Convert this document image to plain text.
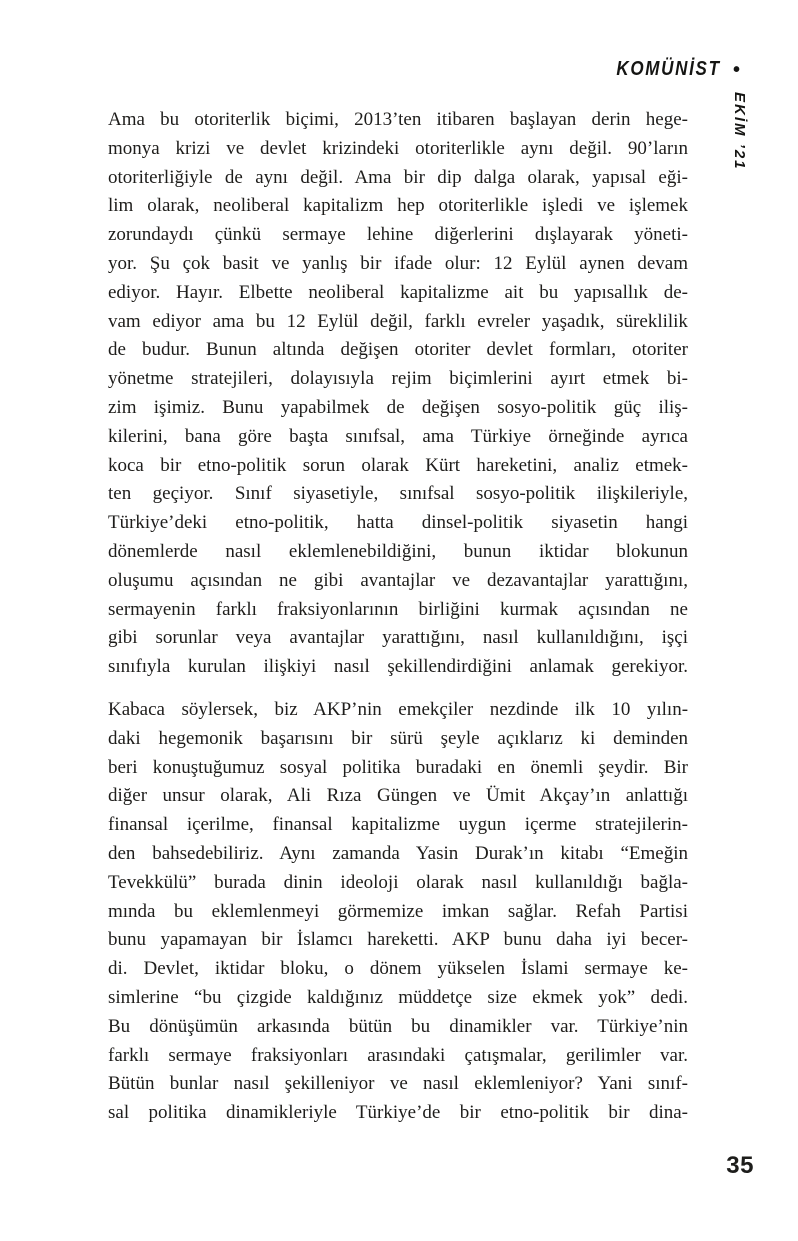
KOMÜNİST •
EKİM ’21
Ama bu otoriterlik biçimi, 2013’ten itibaren başlayan derin hege-
monya krizi ve devlet krizindeki otoriterlikle aynı değil. 90’ların
otoriterliğiyle de aynı değil. Ama bir dip dalga olarak, yapısal eği-
lim olarak, neoliberal kapitalizm hep otoriterlikle işledi ve işlemek
zorundaydı çünkü sermaye lehine diğerlerini dışlayarak yöneti-
yor. Şu çok basit ve yanlış bir ifade olur: 12 Eylül aynen devam
ediyor. Hayır. Elbette neoliberal kapitalizme ait bu yapısallık de-
vam ediyor ama bu 12 Eylül değil, farklı evreler yaşadık, süreklilik
de budur. Bunun altında değişen otoriter devlet formları, otoriter
yönetme stratejileri, dolayısıyla rejim biçimlerini ayırt etmek bi-
zim işimiz. Bunu yapabilmek de değişen sosyo-politik güç iliş-
kilerini, bana göre başta sınıfsal, ama Türkiye örneğinde ayrıca
koca bir etno-politik sorun olarak Kürt hareketini, analiz etmek-
ten geçiyor. Sınıf siyasetiyle, sınıfsal sosyo-politik ilişkileriyle,
Türkiye’deki etno-politik, hatta dinsel-politik siyasetin hangi
dönemlerde nasıl eklemlenebildiğini, bunun iktidar blokunun
oluşumu açısından ne gibi avantajlar ve dezavantajlar yarattığını,
sermayenin farklı fraksiyonlarının birliğini kurmak açısından ne
gibi sorunlar veya avantajlar yarattığını, nasıl kullanıldığını, işçi
sınıfıyla kurulan ilişkiyi nasıl şekillendirdiğini anlamak gerekiyor.
Kabaca söylersek, biz AKP’nin emekçiler nezdinde ilk 10 yılın-
daki hegemonik başarısını bir sürü şeyle açıklarız ki deminden
beri konuştuğumuz sosyal politika buradaki en önemli şeydir. Bir
diğer unsur olarak, Ali Rıza Güngen ve Ümit Akçay’ın anlattığı
finansal içerilme, finansal kapitalizme uygun içerme stratejilerin-
den bahsedebiliriz. Aynı zamanda Yasin Durak’ın kitabı “Emeğin
Tevekkülü” burada dinin ideoloji olarak nasıl kullanıldığı bağla-
mında bu eklemlenmeyi görmemize imkan sağlar. Refah Partisi
bunu yapamayan bir İslamcı hareketti. AKP bunu daha iyi becer-
di. Devlet, iktidar bloku, o dönem yükselen İslami sermaye ke-
simlerine “bu çizgide kaldığınız müddetçe size ekmek yok” dedi.
Bu dönüşümün arkasında bütün bu dinamikler var. Türkiye’nin
farklı sermaye fraksiyonları arasındaki çatışmalar, gerilimler var.
Bütün bunlar nasıl şekilleniyor ve nasıl eklemleniyor? Yani sınıf-
sal politika dinamikleriyle Türkiye’de bir etno-politik bir dina-
35
